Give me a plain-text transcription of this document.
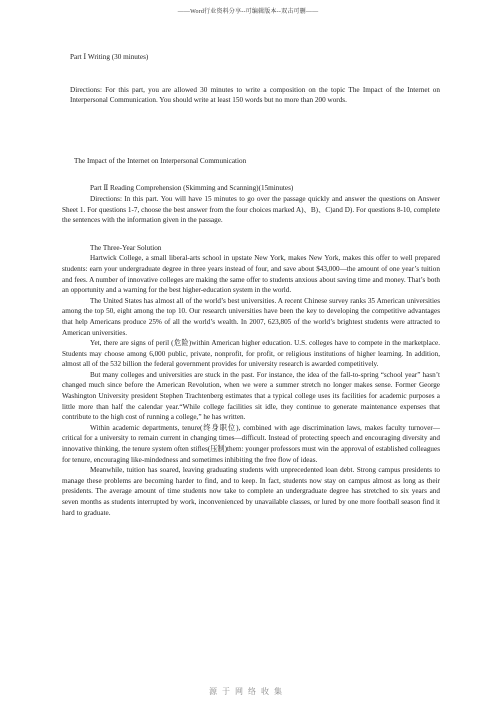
——Word行业资料分享--可编辑版本--双击可删——

Part Ⅰ Writing (30 minutes)

Directions: For this part, you are allowed 30 minutes to write a composition on the topic The Impact of the Internet on Interpersonal Communication. You should write at least 150 words but no more than 200 words.

The Impact of the Internet on Interpersonal Communication

Part Ⅱ Reading Comprehension (Skimming and Scanning)(15minutes)

Directions: In this part. You will have 15 minutes to go over the passage quickly and answer the questions on Answer Sheet 1. For questions 1-7, choose the best answer from the four choices marked A)、B)、C)and D). For questions 8-10, complete the sentences with the information given in the passage.

The Three-Year Solution

Hartwick College, a small liberal-arts school in upstate New York, makes New York, makes this offer to well prepared students: earn your undergraduate degree in three years instead of four, and save about $43,000—the amount of one year’s tuition and fees. A number of innovative colleges are making the same offer to students anxious about saving time and money. That’s both an opportunity and a warning for the best higher-education system in the world.

The United States has almost all of the world’s best universities. A recent Chinese survey ranks 35 American universities among the top 50, eight among the top 10. Our research universities have been the key to developing the competitive advantages that help Americans produce 25% of all the world’s wealth. In 2007, 623,805 of the world’s brightest students were attracted to American universities.

Yet, there are signs of peril (危险)within American higher education. U.S. colleges have to compete in the marketplace. Students may choose among 6,000 public, private, nonprofit, for profit, or religious institutions of higher learning. In addition, almost all of the 532 billion the federal government provides for university research is awarded competitively.

But many colleges and universities are stuck in the past. For instance, the idea of the fall-to-spring “school year” hasn’t changed much since before the American Revolution, when we were a summer stretch no longer makes sense. Former George Washington University president Stephen Trachtenberg estimates that a typical college uses its facilities for academic purposes a little more than half the calendar year.“While college facilities sit idle, they continue to generate maintenance expenses that contribute to the high cost of running a college,” he has written.

Within academic departments, tenure(终身职位), combined with age discrimination laws, makes faculty turnover—critical for a university to remain current in changing times—difficult. Instead of protecting speech and encouraging diversity and innovative thinking, the tenure system often stifles(压制)them: younger professors must win the approval of established colleagues for tenure, encouraging like-mindedness and sometimes inhibiting the free flow of ideas.

Meanwhile, tuition has soared, leaving graduating students with unprecedented loan debt. Strong campus presidents to manage these problems are becoming harder to find, and to keep. In fact, students now stay on campus almost as long as their presidents. The average amount of time students now take to complete an undergraduate degree has stretched to six years and seven months as students interrupted by work, inconvenienced by unavailable classes, or lured by one more football season find it hard to graduate.

源于网络收集
